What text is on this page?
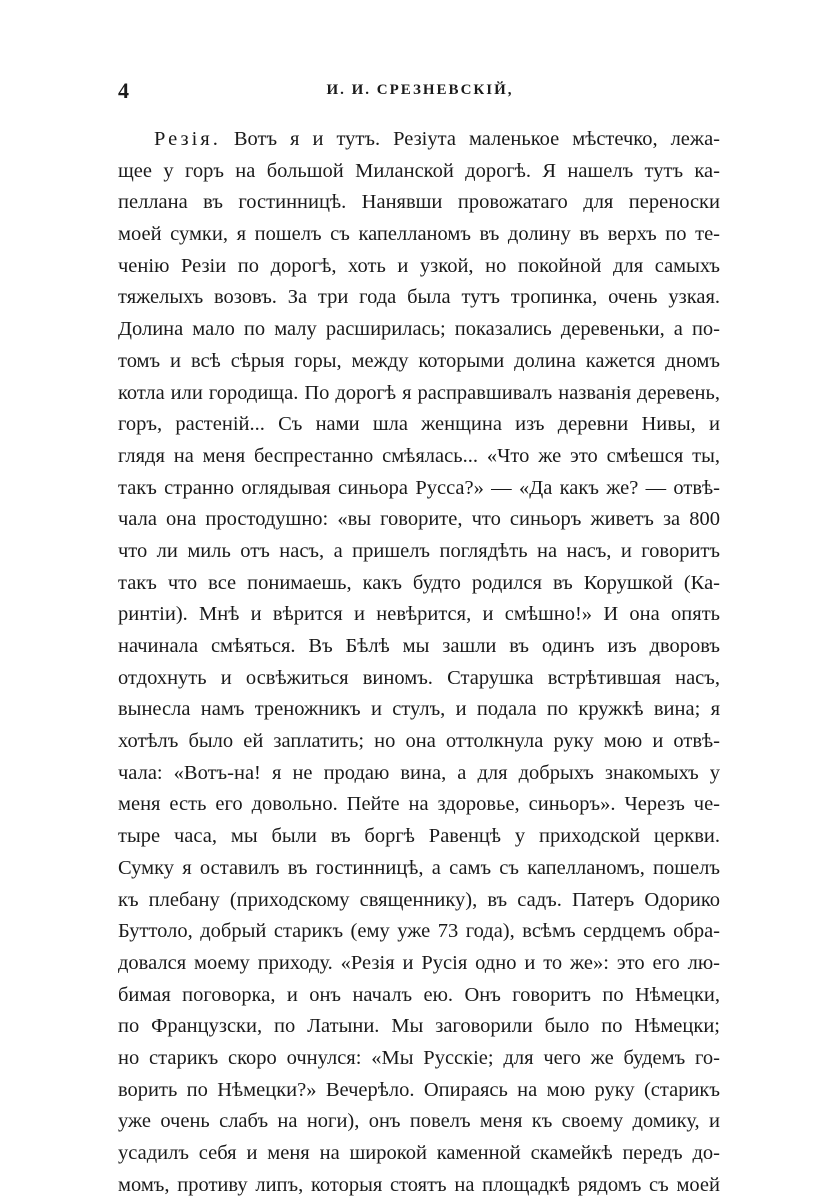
4	И. И. СРЕЗНЕВСКІЙ,
Резія. Вотъ я и тутъ. Резіута маленькое мѣстечко, лежа-
щее у горъ на большой Миланской дорогѣ. Я нашелъ тутъ ка-
пеллана въ гостинницѣ. Нанявши провожатаго для переноски
моей сумки, я пошелъ съ капелланомъ въ долину въ верхъ по те-
ченію Резіи по дорогѣ, хоть и узкой, но покойной для самыхъ
тяжелыхъ возовъ. За три года была тутъ тропинка, очень узкая.
Долина мало по малу расширилась; показались деревеньки, а по-
томъ и всѣ сѣрыя горы, между которыми долина кажется дномъ
котла или городища. По дорогѣ я расправшивалъ названія деревень,
горъ, растеній... Съ нами шла женщина изъ деревни Нивы, и
глядя на меня беспрестанно смѣялась... «Что же это смѣешся ты,
такъ странно оглядывая синьора Русса?» — «Да какъ же? — отвѣ-
чала она простодушно: «вы говорите, что синьоръ живетъ за 800
что ли миль отъ насъ, а пришелъ поглядѣть на насъ, и говоритъ
такъ что все понимаешь, какъ будто родился въ Корушкой (Ка-
ринтіи). Мнѣ и вѣрится и невѣрится, и смѣшно!» И она опять
начинала смѣяться. Въ Бѣлѣ мы зашли въ одинъ изъ дворовъ
отдохнуть и освѣжиться виномъ. Старушка встрѣтившая насъ,
вынесла намъ треножникъ и стулъ, и подала по кружкѣ вина; я
хотѣлъ было ей заплатить; но она оттолкнула руку мою и отвѣ-
чала: «Вотъ-на! я не продаю вина, а для добрыхъ знакомыхъ у
меня есть его довольно. Пейте на здоровье, синьоръ». Черезъ че-
тыре часа, мы были въ боргѣ Равенцѣ у приходской церкви.
Сумку я оставилъ въ гостинницѣ, а самъ съ капелланомъ, пошелъ
къ плебану (приходскому священнику), въ садъ. Патеръ Одорико
Буттоло, добрый старикъ (ему уже 73 года), всѣмъ сердцемъ обра-
довался моему приходу. «Резія и Русія одно и то же»: это его лю-
бимая поговорка, и онъ началъ ею. Онъ говоритъ по Нѣмецки,
по Французски, по Латыни. Мы заговорили было по Нѣмецки;
но старикъ скоро очнулся: «Мы Русскіе; для чего же будемъ го-
ворить по Нѣмецки?» Вечерѣло. Опираясь на мою руку (старикъ
уже очень слабъ на ноги), онъ повелъ меня къ своему домику, и
усадилъ себя и меня на широкой каменной скамейкѣ передъ до-
момъ, противу липъ, которыя стоятъ на площадкѣ рядомъ съ моей
